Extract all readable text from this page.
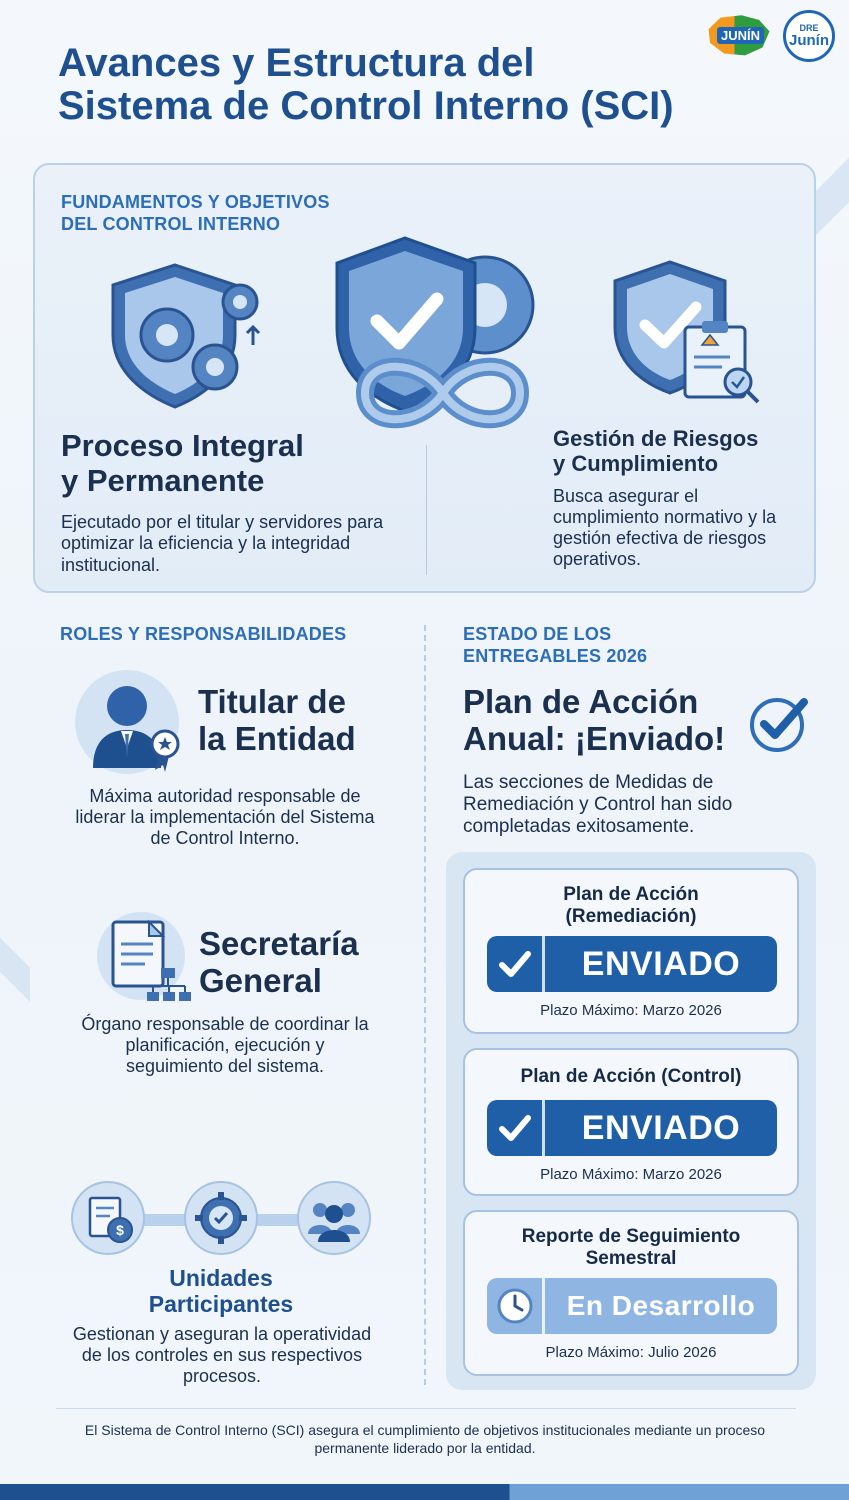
JUNÍN	DRE
Junín
Avances y Estructura del
Sistema de Control Interno (SCI)
FUNDAMENTOS Y OBJETIVOS
DEL CONTROL INTERNO
Proceso Integral
y Permanente

Ejecutado por el titular y servidores para optimizar la eficiencia y la integridad institucional.

Gestión de Riesgos
y Cumplimiento

Busca asegurar el cumplimiento normativo y la gestión efectiva de riesgos operativos.

ROLES Y RESPONSABILIDADES
Titular de
la Entidad

Máxima autoridad responsable de liderar la implementación del Sistema de Control Interno.

Secretaría
General

Órgano responsable de coordinar la planificación, ejecución y seguimiento del sistema.

$
Unidades
Participantes

Gestionan y aseguran la operatividad de los controles en sus respectivos procesos.

ESTADO DE LOS
ENTREGABLES 2026
Plan de Acción
Anual: ¡Enviado!

Las secciones de Medidas de Remediación y Control han sido completadas exitosamente.

Plan de Acción
(Remediación)
ENVIADO
Plazo Máximo: Marzo 2026
Plan de Acción (Control)
ENVIADO
Plazo Máximo: Marzo 2026
Reporte de Seguimiento
Semestral
En Desarrollo
Plazo Máximo: Julio 2026

El Sistema de Control Interno (SCI) asegura el cumplimiento de objetivos institucionales mediante un proceso permanente liderado por la entidad.
